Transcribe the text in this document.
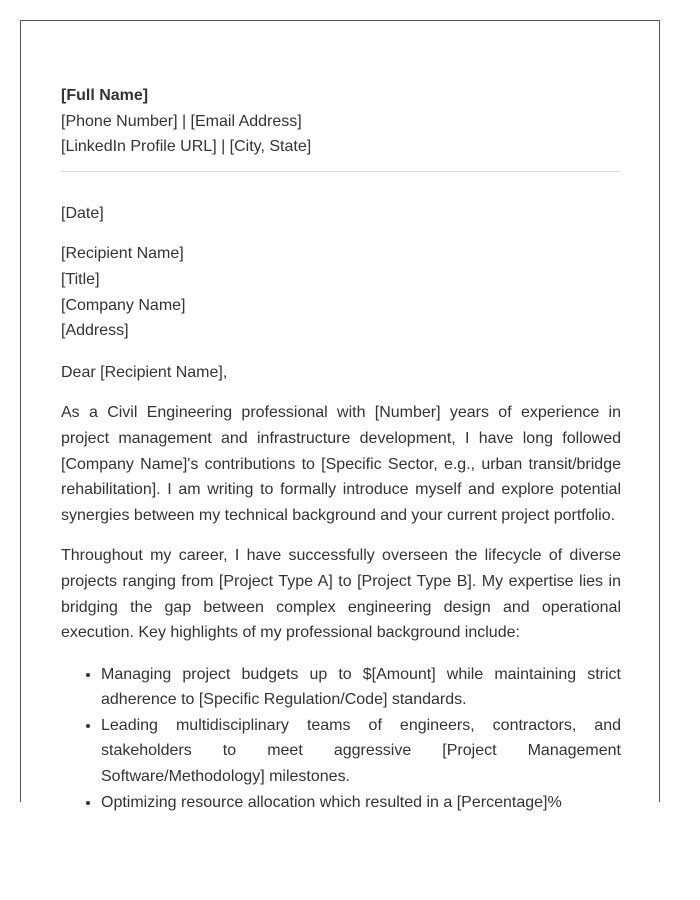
[Full Name]

[Phone Number] | [Email Address]

[LinkedIn Profile URL] | [City, State]

[Date]

[Recipient Name]

[Title]

[Company Name]

[Address]

Dear [Recipient Name],

As a Civil Engineering professional with [Number] years of experience in project management and infrastructure development, I have long followed [Company Name]'s contributions to [Specific Sector, e.g., urban transit/bridge rehabilitation]. I am writing to formally introduce myself and explore potential synergies between my technical background and your current project portfolio.

Throughout my career, I have successfully overseen the lifecycle of diverse projects ranging from [Project Type A] to [Project Type B]. My expertise lies in bridging the gap between complex engineering design and operational execution. Key highlights of my professional background include:

• Managing project budgets up to $[Amount] while maintaining strict adherence to [Specific Regulation/Code] standards.
• Leading multidisciplinary teams of engineers, contractors, and stakeholders to meet aggressive [Project Management Software/Methodology] milestones.
• Optimizing resource allocation which resulted in a [Percentage]%
